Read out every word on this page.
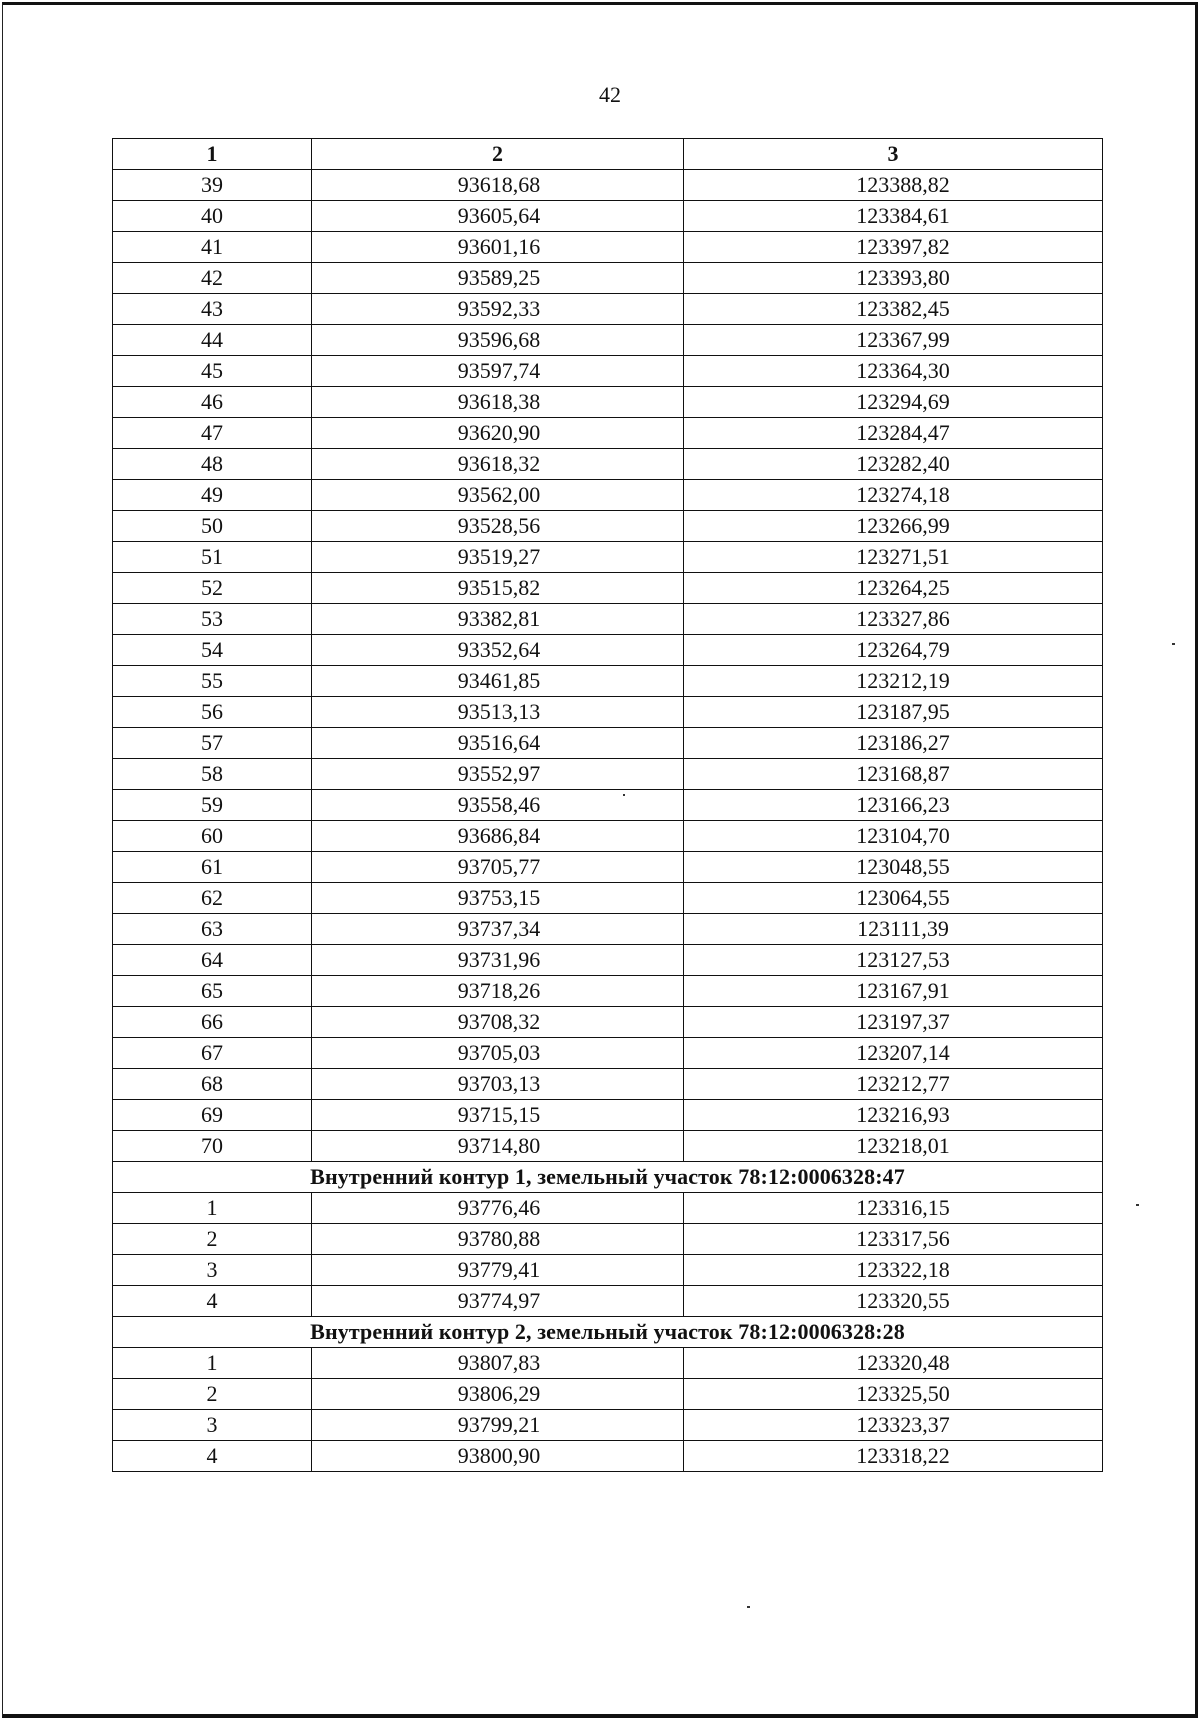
42
1	2	3
39	93618,68	123388,82
40	93605,64	123384,61
41	93601,16	123397,82
42	93589,25	123393,80
43	93592,33	123382,45
44	93596,68	123367,99
45	93597,74	123364,30
46	93618,38	123294,69
47	93620,90	123284,47
48	93618,32	123282,40
49	93562,00	123274,18
50	93528,56	123266,99
51	93519,27	123271,51
52	93515,82	123264,25
53	93382,81	123327,86
54	93352,64	123264,79
55	93461,85	123212,19
56	93513,13	123187,95
57	93516,64	123186,27
58	93552,97	123168,87
59	93558,46	123166,23
60	93686,84	123104,70
61	93705,77	123048,55
62	93753,15	123064,55
63	93737,34	123111,39
64	93731,96	123127,53
65	93718,26	123167,91
66	93708,32	123197,37
67	93705,03	123207,14
68	93703,13	123212,77
69	93715,15	123216,93
70	93714,80	123218,01
Внутренний контур 1, земельный участок 78:12:0006328:47		
1	93776,46	123316,15
2	93780,88	123317,56
3	93779,41	123322,18
4	93774,97	123320,55
Внутренний контур 2, земельный участок 78:12:0006328:28		
1	93807,83	123320,48
2	93806,29	123325,50
3	93799,21	123323,37
4	93800,90	123318,22
